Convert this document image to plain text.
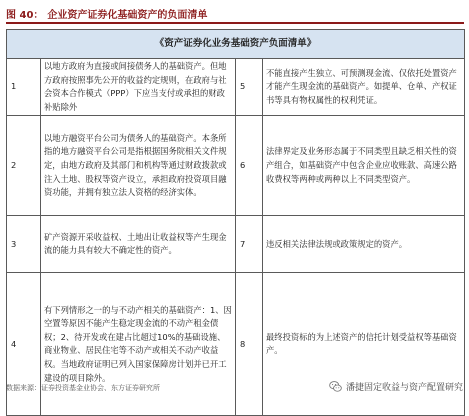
图 40： 企业资产证券化基础资产的负面清单
《资产证券化业务基础资产负面清单》			
1	以地方政府为直接或间接债务人的基础资产。但地方政府按照事先公开的收益约定规则，在政府与社会资本合作模式（PPP）下应当支付或承担的财政补贴除外	5	不能直接产生独立、可预测现金流、仅依托处置资产才能产生现金流的基础资产。如提单、仓单、产权证书等具有物权属性的权利凭证。
2	以地方融资平台公司为债务人的基础资产。本条所指的地方融资平台公司是指根据国务院相关文件规定，由地方政府及其部门和机构等通过财政拨款或注入土地、股权等资产设立，承担政府投资项目融资功能，并拥有独立法人资格的经济实体。	6	法律界定及业务形态属于不同类型且缺乏相关性的资产组合，如基础资产中包含企业应收账款、高速公路收费权等两种或两种以上不同类型资产。
3	矿产资源开采收益权、土地出让收益权等产生现金流的能力具有较大不确定性的资产。	7	违反相关法律法规或政策规定的资产。
4	有下列情形之一的与不动产相关的基础资产：1、因空置等原因不能产生稳定现金流的不动产租金债权；2、待开发或在建占比超过10%的基础设施、商业物业、居民住宅等不动产或相关不动产收益权。当地政府证明已列入国家保障房计划并已开工建设的项目除外。	8	最终投资标的为上述资产的信托计划受益权等基础资产。
数据来源：证券投资基金业协会、东方证券研究所	潘捷固定收益与资产配置研究
